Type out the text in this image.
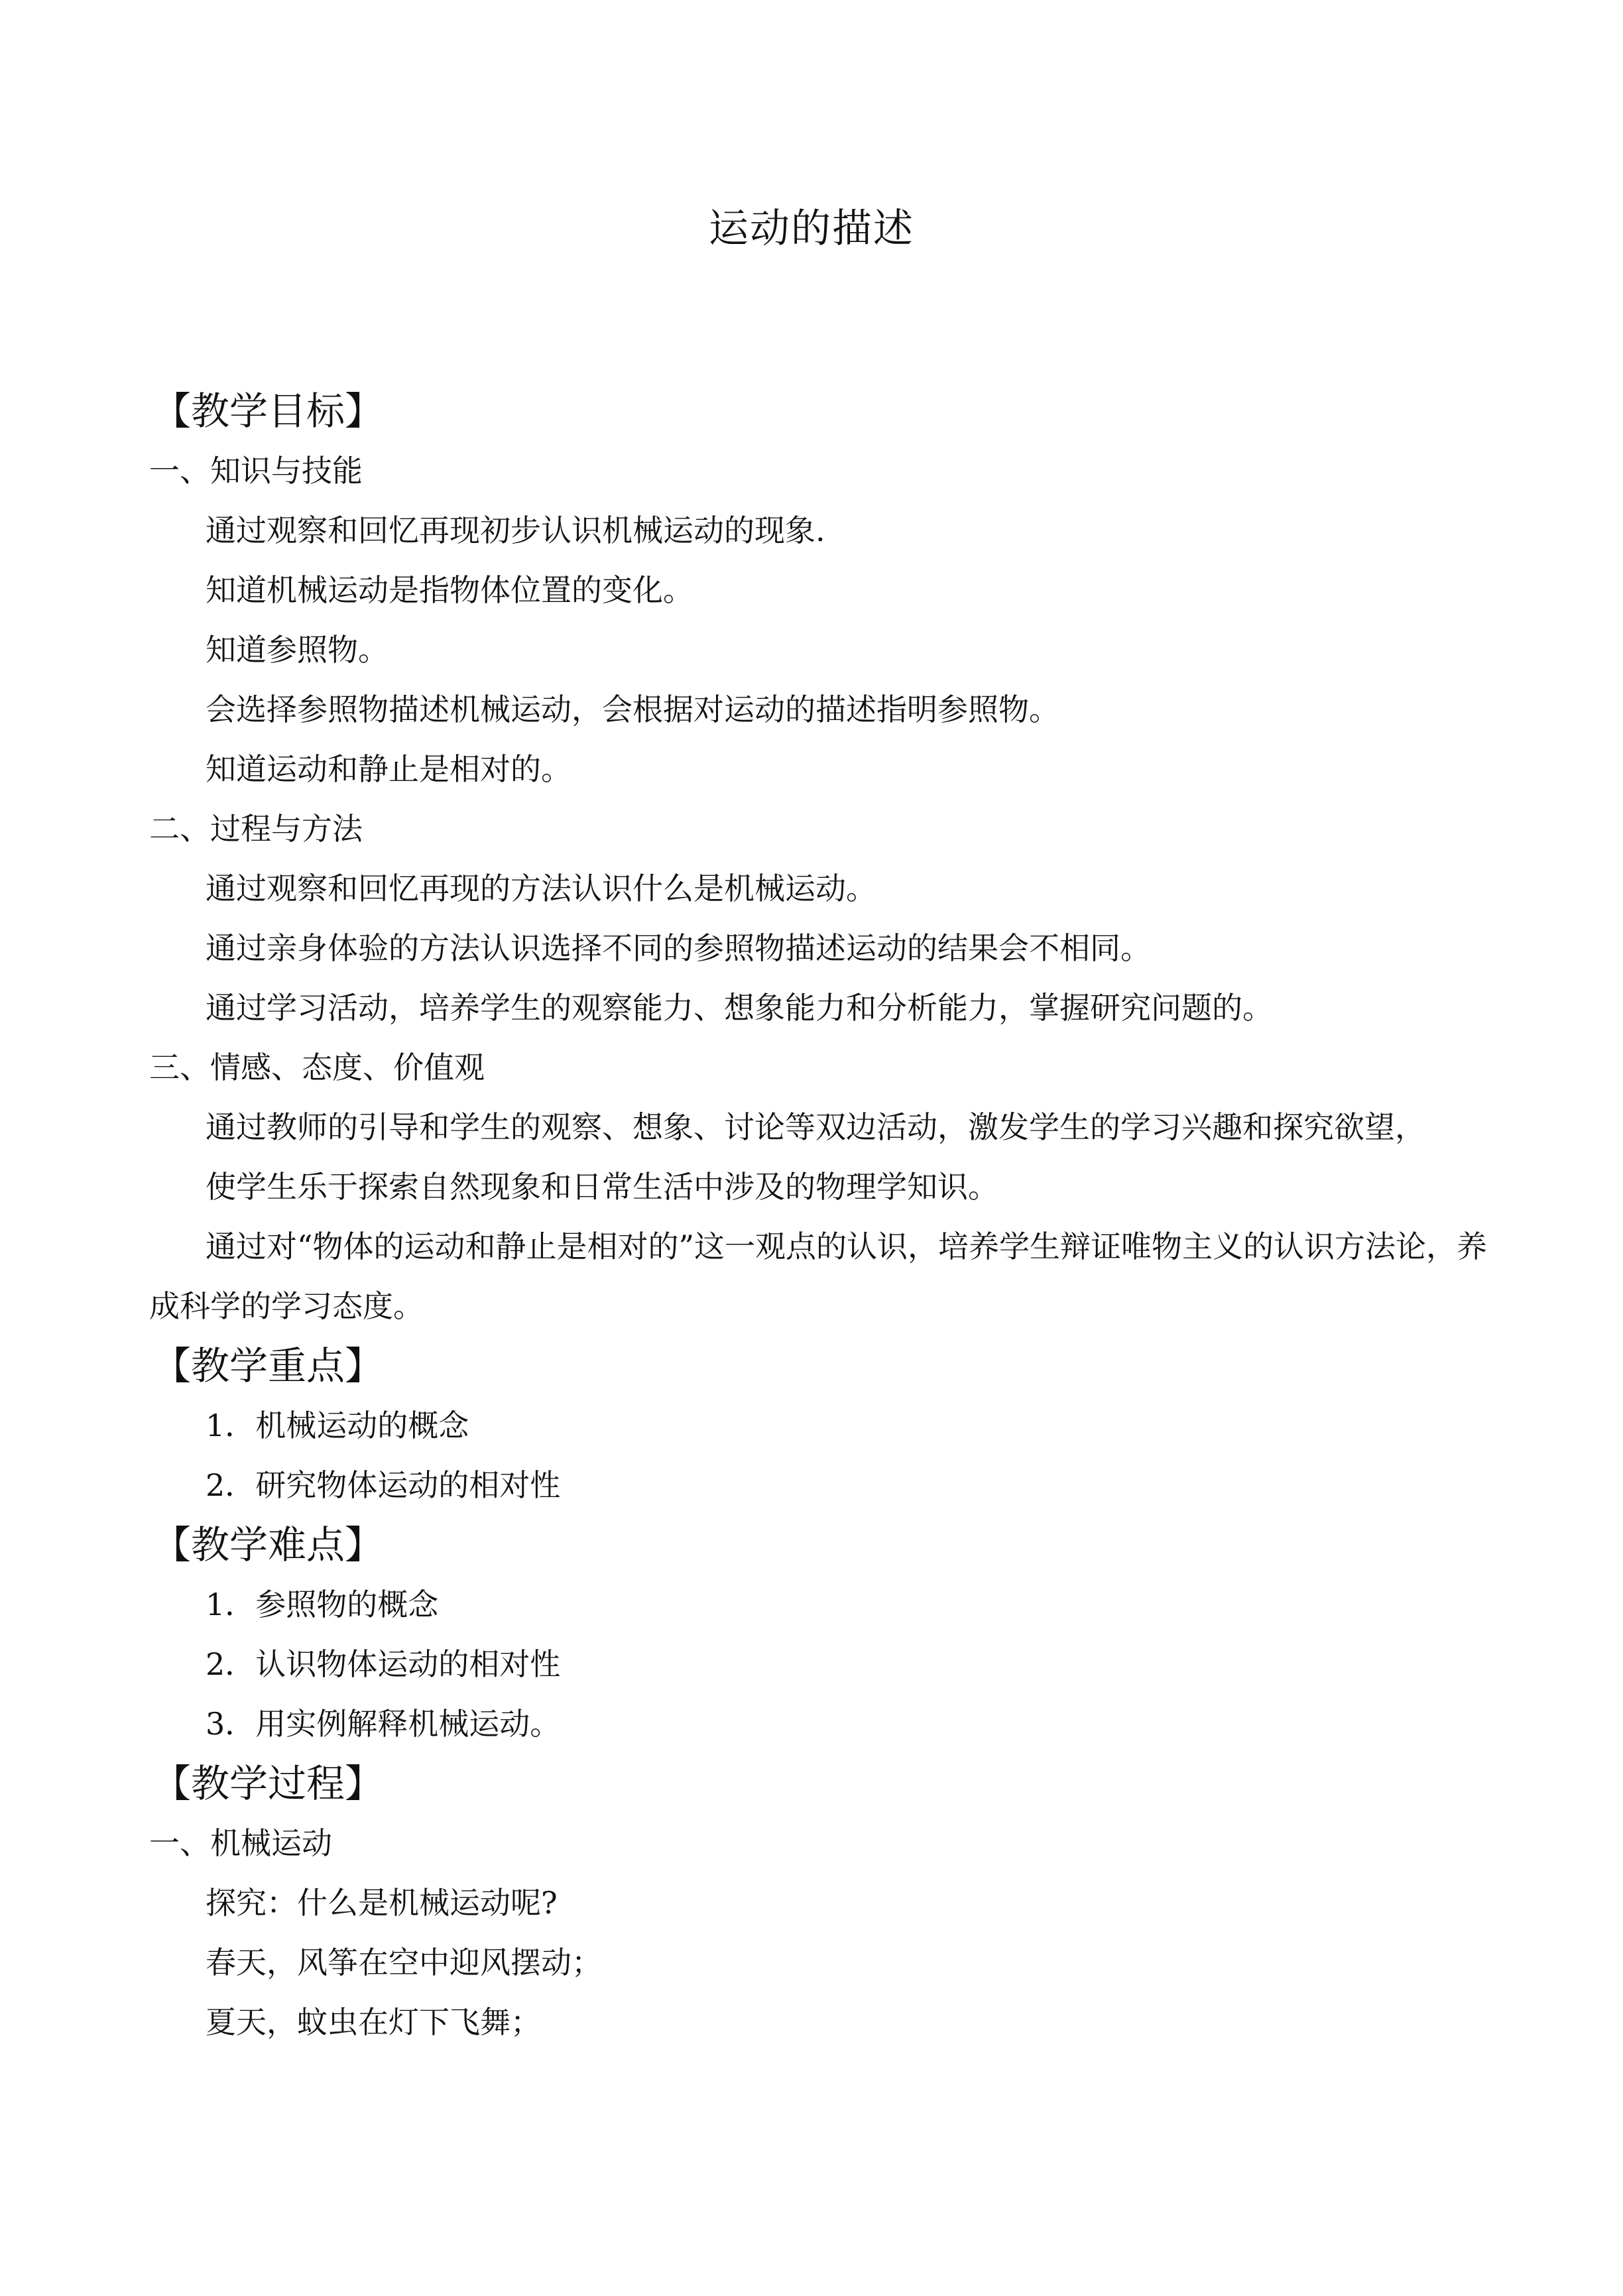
运动的描述
【教学目标】
一、知识与技能

通过观察和回忆再现初步认识机械运动的现象.

知道机械运动是指物体位置的变化。

知道参照物。

会选择参照物描述机械运动，会根据对运动的描述指明参照物。

知道运动和静止是相对的。

二、过程与方法

通过观察和回忆再现的方法认识什么是机械运动。

通过亲身体验的方法认识选择不同的参照物描述运动的结果会不相同。

通过学习活动，培养学生的观察能力、想象能力和分析能力，掌握研究问题的。

三、情感、态度、价值观

通过教师的引导和学生的观察、想象、讨论等双边活动，激发学生的学习兴趣和探究欲望，

使学生乐于探索自然现象和日常生活中涉及的物理学知识。

通过对“物体的运动和静止是相对的”这一观点的认识，培养学生辩证唯物主义的认识方法论，养成科学的学习态度。

【教学重点】

1．机械运动的概念

2．研究物体运动的相对性

【教学难点】

1．参照物的概念

2．认识物体运动的相对性

3．用实例解释机械运动。

【教学过程】
一、机械运动

探究：什么是机械运动呢?

春天，风筝在空中迎风摆动；

夏天，蚊虫在灯下飞舞；
